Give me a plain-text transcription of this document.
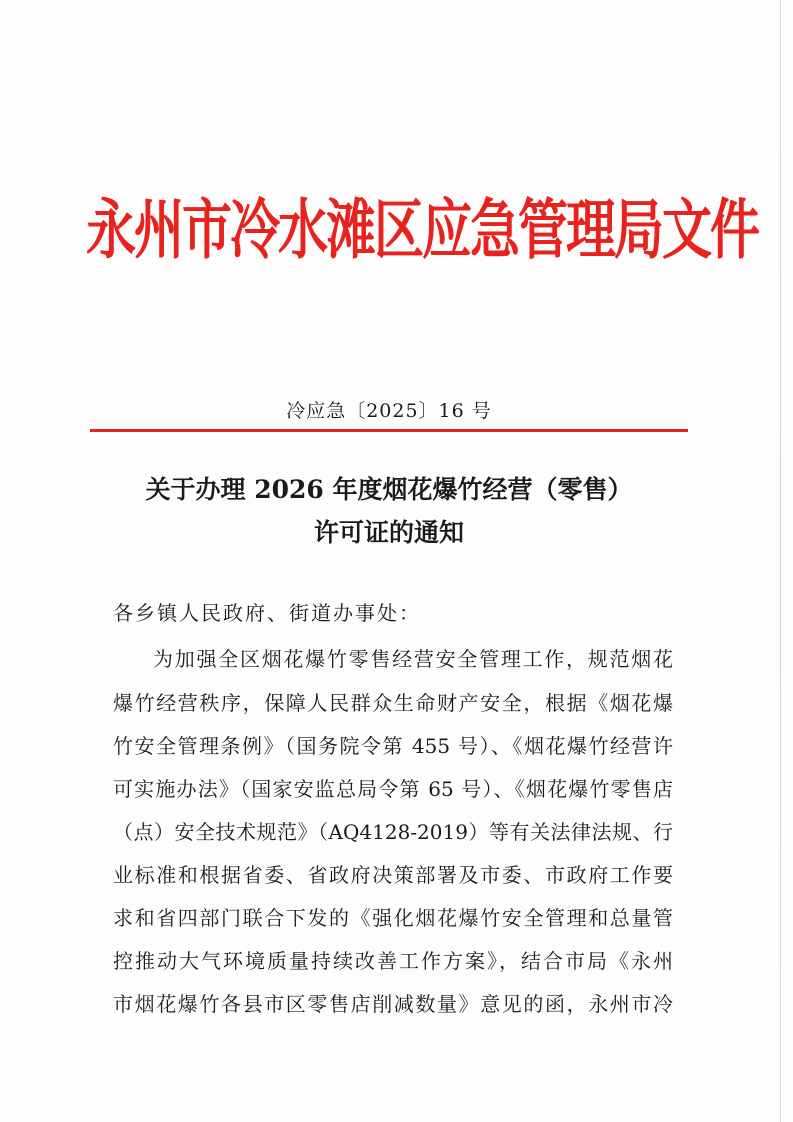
永州市冷水滩区应急管理局文件
冷应急〔2025〕16 号
关于办理 2026 年度烟花爆竹经营（零售）
许可证的通知
各乡镇人民政府、街道办事处：
为加强全区烟花爆竹零售经营安全管理工作，规范烟花
爆竹经营秩序，保障人民群众生命财产安全，根据《烟花爆
竹安全管理条例》（国务院令第 455 号）、《烟花爆竹经营许
可实施办法》（国家安监总局令第 65 号）、《烟花爆竹零售店
（点）安全技术规范》（AQ4128-2019）等有关法律法规、行
业标准和根据省委、省政府决策部署及市委、市政府工作要
求和省四部门联合下发的《强化烟花爆竹安全管理和总量管
控推动大气环境质量持续改善工作方案》，结合市局《永州
市烟花爆竹各县市区零售店削减数量》意见的函，永州市冷
